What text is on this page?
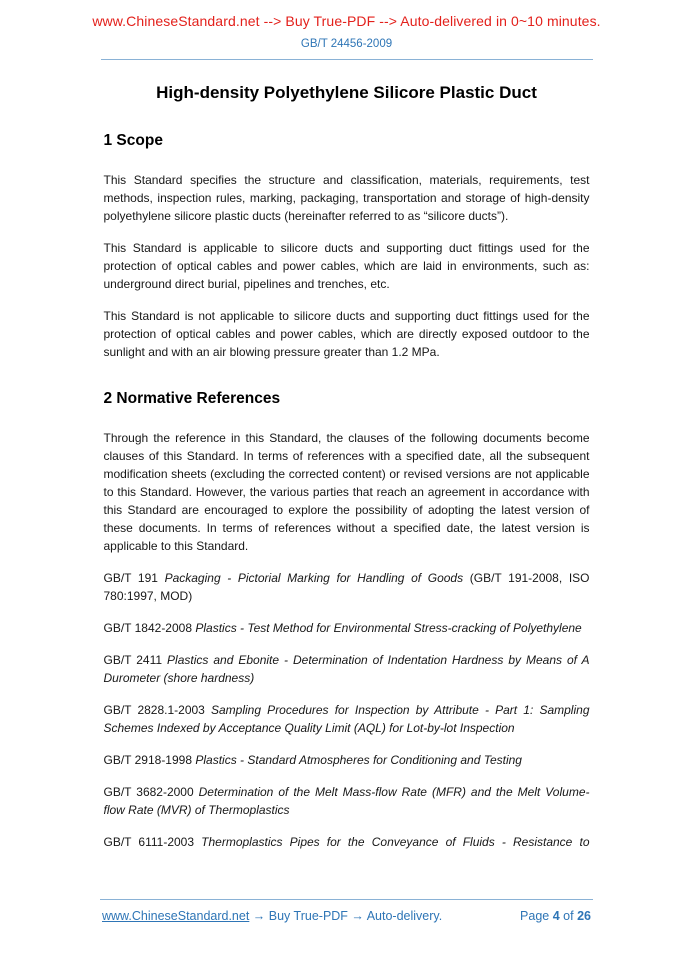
www.ChineseStandard.net --> Buy True-PDF --> Auto-delivered in 0~10 minutes.
GB/T 24456-2009
High-density Polyethylene Silicore Plastic Duct
1 Scope

This Standard specifies the structure and classification, materials, requirements, test methods, inspection rules, marking, packaging, transportation and storage of high-density polyethylene silicore plastic ducts (hereinafter referred to as “silicore ducts”).

This Standard is applicable to silicore ducts and supporting duct fittings used for the protection of optical cables and power cables, which are laid in environments, such as: underground direct burial, pipelines and trenches, etc.

This Standard is not applicable to silicore ducts and supporting duct fittings used for the protection of optical cables and power cables, which are directly exposed outdoor to the sunlight and with an air blowing pressure greater than 1.2 MPa.

2 Normative References

Through the reference in this Standard, the clauses of the following documents become clauses of this Standard. In terms of references with a specified date, all the subsequent modification sheets (excluding the corrected content) or revised versions are not applicable to this Standard. However, the various parties that reach an agreement in accordance with this Standard are encouraged to explore the possibility of adopting the latest version of these documents. In terms of references without a specified date, the latest version is applicable to this Standard.

GB/T 191 Packaging - Pictorial Marking for Handling of Goods (GB/T 191-2008, ISO 780:1997, MOD)

GB/T 1842-2008 Plastics - Test Method for Environmental Stress-cracking of Polyethylene

GB/T 2411 Plastics and Ebonite - Determination of Indentation Hardness by Means of A Durometer (shore hardness)

GB/T 2828.1-2003 Sampling Procedures for Inspection by Attribute - Part 1: Sampling Schemes Indexed by Acceptance Quality Limit (AQL) for Lot-by-lot Inspection

GB/T 2918-1998 Plastics - Standard Atmospheres for Conditioning and Testing

GB/T 3682-2000 Determination of the Melt Mass-flow Rate (MFR) and the Melt Volume-flow Rate (MVR) of Thermoplastics

GB/T 6111-2003 Thermoplastics Pipes for the Conveyance of Fluids - Resistance to

www.ChineseStandard.net → Buy True-PDF → Auto-delivery.	Page 4 of 26
